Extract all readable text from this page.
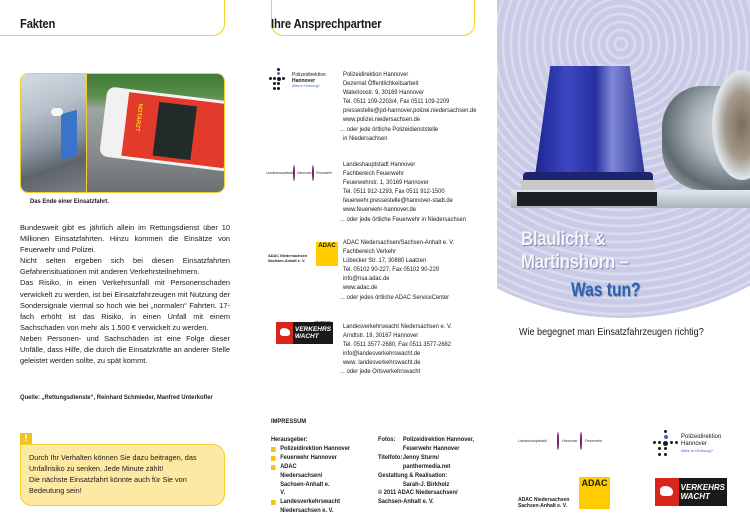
Fakten
NOTARZT
Das Ende einer Einsatzfahrt.

Bundesweit gibt es jährlich allein im Rettungsdienst über 10 Millionen Einsatzfahrten. Hinzu kommen die Einsätze von Feuerwehr und Polizei.

Nicht selten ergeben sich bei diesen Einsatzfahrten Gefahrensituationen mit anderen Verkehrsteilnehmern.

Das Risiko, in einen Verkehrsunfall mit Personenschaden verwickelt zu werden, ist bei Einsatzfahrzeugen mit Nutzung der Sondersignale viermal so hoch wie bei „normalen“ Fahrten. 17-fach erhöht ist das Risiko, in einen Unfall mit einem Sachschaden von mehr als 1.500 € verwickelt zu werden.

Neben Personen- und Sachschäden ist eine Folge dieser Unfälle, dass Hilfe, die durch die Einsatzkräfte an anderer Stelle geleistet werden sollte, zu spät kommt.

Quelle: „Rettungsdienste“, Reinhard Schmieder, Manfred Unterkofler
!

Durch Ihr Verhalten können Sie dazu beitragen, das Unfallrisiko zu senken. Jede Minute zählt!

Die nächste Einsatzfahrt könnte auch für Sie von Bedeutung sein!

Ihre Ansprechpartner
Polizeidirektion
Hannover
Alles in Ordnung?
Polizeidirektion Hannover
Dezernat Öffentlichkeitsarbeit
Waterloostr. 9, 30169 Hannover
Tel. 0511 109-2203/4, Fax 0511 109-2209
pressestelle@pd-hannover.polizei.niedersachsen.de
www.polizei.niedersachsen.de
… oder jede örtliche Polizeidienststelle
in Niedersachsen
Landeshauptstadt Hannover Feuerwehr
Landeshauptstadt Hannover
Fachbereich Feuerwehr
Feuerwehrstr. 1, 30169 Hannover
Tel. 0511 912-1293, Fax 0511 912-1500
feuerwehr.pressestelle@hannover-stadt.de
www.feuerwehr-hannover.de
… oder jede örtliche Feuerwehr in Niedersachsen
ADAC
ADAC Niedersachsen
Sachsen-Anhalt e. V.
ADAC Niedersachsen/Sachsen-Anhalt e. V.
Fachbereich Verkehr
Lübecker Str. 17, 30880 Laatzen
Tel. 05102 90-227, Fax 05102 90-229
info@nsa.adac.de
www.adac.de
… oder jedes örtliche ADAC ServiceCenter
DEUTSCHE
VERKEHRS
WACHT
Landesverkehrswacht Niedersachsen e. V.
Arndtstr. 19, 30167 Hannover
Tel. 0511 3577-2680, Fax 0511 3577-2682
info@landesverkehrswacht.de
www. landesverkehrswacht.de
… oder jede Ortsverkehrswacht
IMPRESSUM
Herausgeber:
Polizeidirektion Hannover
Feuerwehr Hannover
ADAC Niedersachsen/ Sachsen-Anhalt e. V.
Landesverkehrswacht Niedersachsen e. V.
Fotos:	Polizeidirektion Hannover,
Feuerwehr Hannover
Titelfoto: Jenny Sturm/
panthermedia.net
Gestaltung & Realisation:
Sarah-J. Birkholz
© 2011 ADAC Niedersachsen/
Sachsen-Anhalt e. V.
Blaulicht &
Martinshorn –
Was tun?
Wie begegnet man Einsatzfahrzeugen richtig?
Landeshauptstadt	Hannover Feuerwehr
Polizeidirektion
Hannover
Alles in Ordnung?
ADAC
ADAC Niedersachsen
Sachsen-Anhalt e. V.
DEUTSCHE
VERKEHRS
WACHT
